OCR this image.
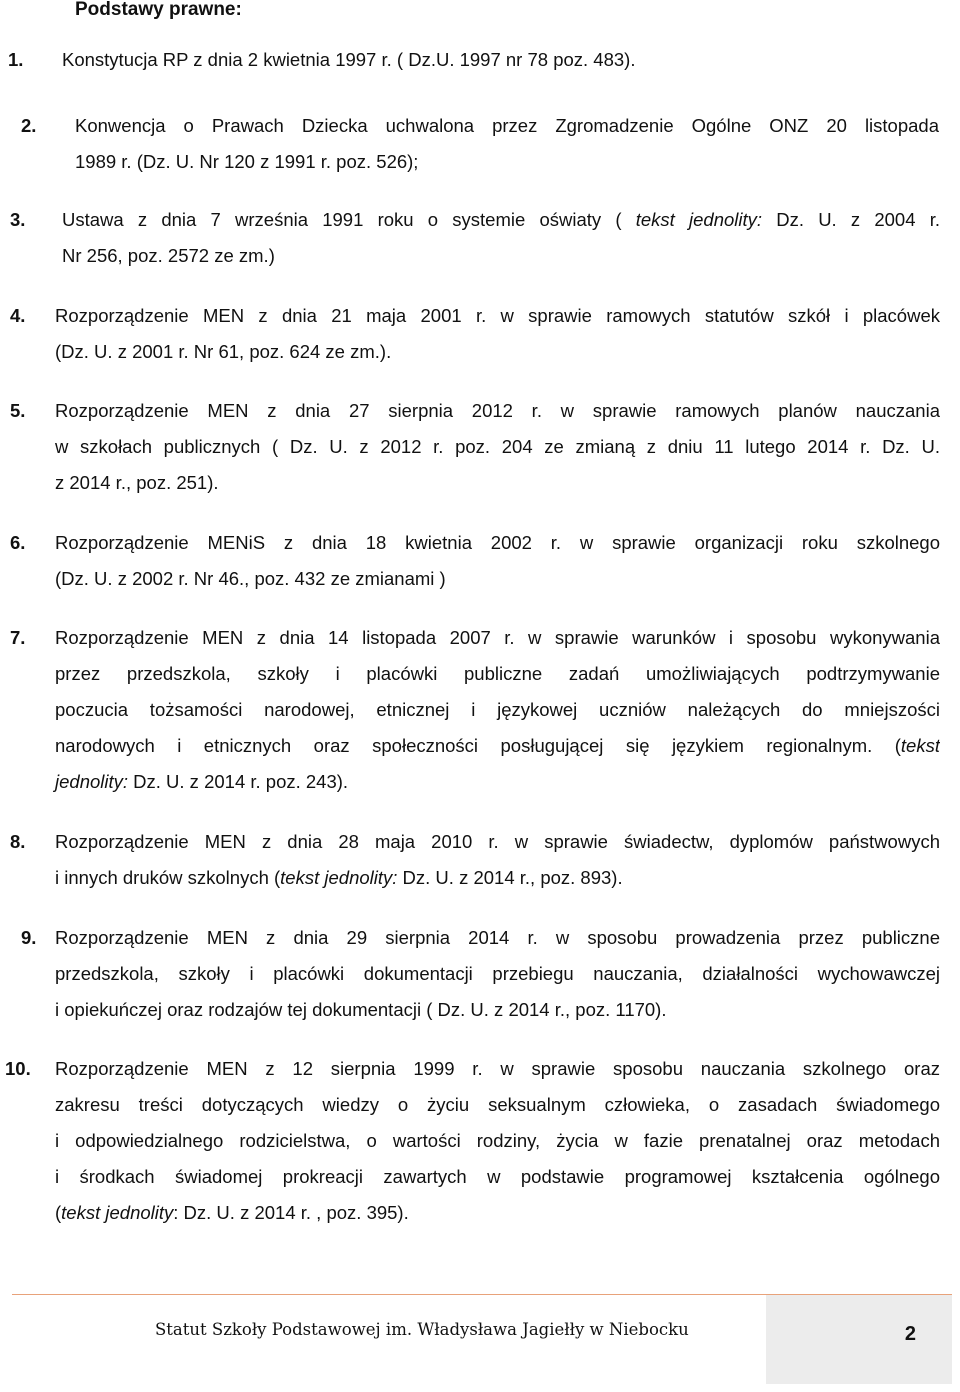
Podstawy prawne:
1. Konstytucja RP z dnia 2 kwietnia 1997 r. ( Dz.U. 1997 nr 78 poz. 483).
2. Konwencja o Prawach Dziecka uchwalona przez Zgromadzenie Ogólne ONZ 20 listopada
1989 r. (Dz. U. Nr 120 z 1991 r. poz. 526);
3. Ustawa z dnia 7 września 1991 roku o systemie oświaty ( tekst jednolity: Dz. U. z 2004 r.
Nr 256, poz. 2572 ze zm.)
4. Rozporządzenie MEN z dnia 21 maja 2001 r. w sprawie ramowych statutów szkół i placówek
(Dz. U. z 2001 r. Nr 61, poz. 624 ze zm.).
5. Rozporządzenie MEN z dnia 27 sierpnia 2012 r. w sprawie ramowych planów nauczania
w szkołach publicznych ( Dz. U. z 2012 r. poz. 204 ze zmianą z dniu 11 lutego 2014 r. Dz. U.
z 2014 r., poz. 251).
6. Rozporządzenie MENiS z dnia 18 kwietnia 2002 r. w sprawie organizacji roku szkolnego
(Dz. U. z 2002 r. Nr 46., poz. 432 ze zmianami )
7. Rozporządzenie MEN z dnia 14 listopada 2007 r. w sprawie warunków i sposobu wykonywania
przez przedszkola, szkoły i placówki publiczne zadań umożliwiających podtrzymywanie
poczucia tożsamości narodowej, etnicznej i językowej uczniów należących do mniejszości
narodowych i etnicznych oraz społeczności posługującej się językiem regionalnym. (tekst
jednolity: Dz. U. z 2014 r. poz. 243).
8. Rozporządzenie MEN z dnia 28 maja 2010 r. w sprawie świadectw, dyplomów państwowych
i innych druków szkolnych (tekst jednolity: Dz. U. z 2014 r., poz. 893).
9. Rozporządzenie MEN z dnia 29 sierpnia 2014 r. w sposobu prowadzenia przez publiczne
przedszkola, szkoły i placówki dokumentacji przebiegu nauczania, działalności wychowawczej
i opiekuńczej oraz rodzajów tej dokumentacji ( Dz. U. z 2014 r., poz. 1170).
10. Rozporządzenie MEN z 12 sierpnia 1999 r. w sprawie sposobu nauczania szkolnego oraz
zakresu treści dotyczących wiedzy o życiu seksualnym człowieka, o zasadach świadomego
i odpowiedzialnego rodzicielstwa, o wartości rodziny, życia w fazie prenatalnej oraz metodach
i środkach świadomej prokreacji zawartych w podstawie programowej kształcenia ogólnego
(tekst jednolity: Dz. U. z 2014 r. , poz. 395).
Statut Szkoły Podstawowej im. Władysława Jagiełły w Niebocku	2
